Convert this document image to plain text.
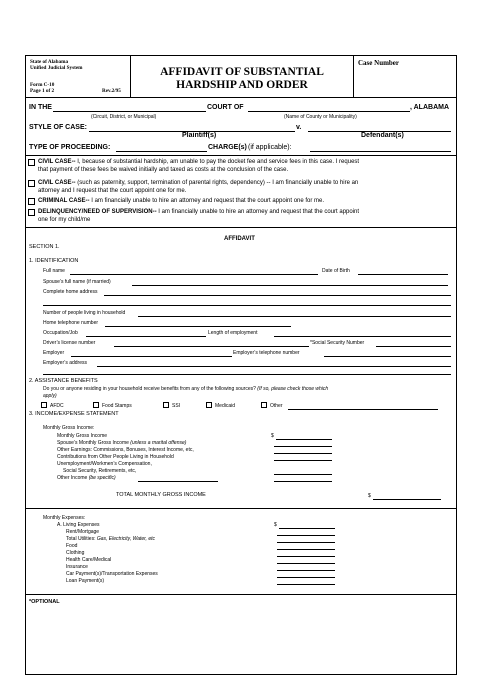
State of Alabama
Unified Judicial System
Form C-10
Page 1 of 2	Rev.2/95
AFFIDAVIT OF SUBSTANTIAL
HARDSHIP AND ORDER
Case Number
IN THE	COURT OF	, ALABAMA
(Circuit, District, or Municipal)	(Name of County or Municipality)
STYLE OF CASE:	v.
Plaintiff(s)	Defendant(s)
TYPE OF PROCEEDING:	CHARGE(s) (if applicable):
CIVIL CASE-- I, because of substantial hardship, am unable to pay the docket fee and service fees in this case. I request
that payment of these fees be waived initially and taxed as costs at the conclusion of the case.
CIVIL CASE-- (such as paternity, support, termination of parental rights, dependency) -- I am financially unable to hire an
attorney and I request that the court appoint one for me.
CRIMINAL CASE-- I am financially unable to hire an attorney and request that the court appoint one for me.
DELINQUENCY/NEED OF SUPERVISION-- I am financially unable to hire an attorney and request that the court appoint
one for my child/me
AFFIDAVIT
SECTION 1.
1. IDENTIFICATION
Full name	Date of Birth
Spouse’s full name (if married)
Complete home address
Number of people living in household
Home telephone number
Occupation/Job	Length of employment
Driver’s license number	*Social Security Number
Employer	Employer’s telephone number
Employer’s address
2. ASSISTANCE BENEFITS
Do you or anyone residing in your household receive benefits from any of the following sources? (If so, please check those which
apply)
AFDC	Food Stamps	SSI	Medicaid	Other
3. INCOME/EXPENSE STATEMENT
Monthly Gross Income:
Monthly Gross Income	$
Spouse’s Monthly Gross Income (unless a marital offense)
Other Earnings: Commissions, Bonuses, Interest Income, etc,
Contributions from Other People Living in Household
Unemployment/Workmen’s Compensation,
Social Security, Retirements, etc,
Other Income (be specific)
TOTAL MONTHLY GROSS INCOME	$
Monthly Expenses:
A. Living Expenses	$
Rent/Mortgage
Total Utilities: Gas, Electricity, Water, etc
Food
Clothing
Health Care/Medical
Insurance
Car Payment(s)/Transportation Expenses
Loan Payment(s)
*OPTIONAL
